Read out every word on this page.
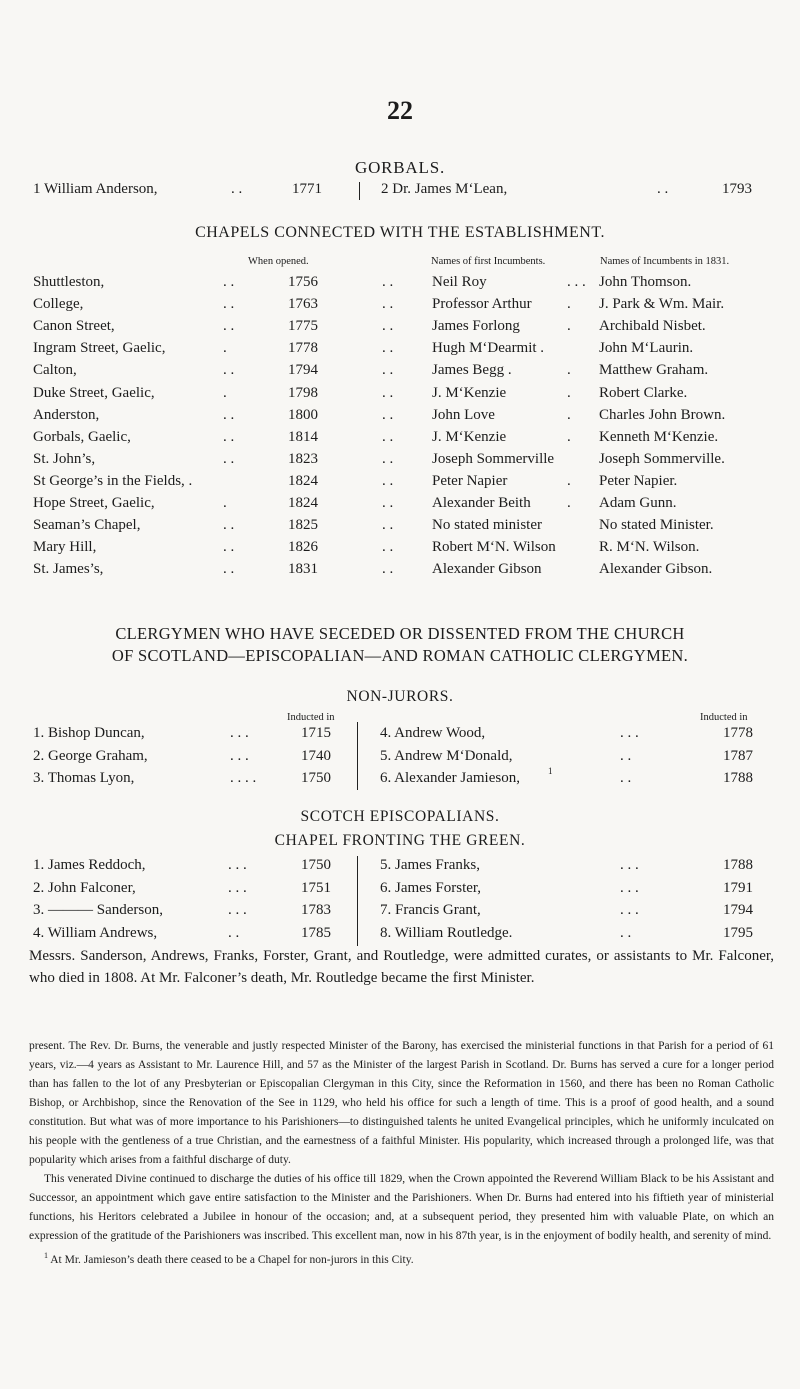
22
GORBALS.
1 William Anderson,	. .	1771	2 Dr. James M‘Lean,	. .	1793
CHAPELS CONNECTED WITH THE ESTABLISHMENT.
When opened.	Names of first Incumbents.	Names of Incumbents in 1831.
Shuttleston,	. .	1756	. .	Neil Roy	. . . John Thomson.
College,	. .	1763	. .	Professor Arthur . J. Park & Wm. Mair.
Canon Street,	. .	1775	. .	James Forlong	. Archibald Nisbet.
Ingram Street, Gaelic,	.	1778	. .	Hugh M‘Dearmit .	John M‘Laurin.
Calton,	. .	1794	. .	James Begg .	. Matthew Graham.
Duke Street, Gaelic,	.	1798	. .	J. M‘Kenzie	. Robert Clarke.
Anderston,	. .	1800	. .	John Love	. Charles John Brown.
Gorbals, Gaelic,	. .	1814	. .	J. M‘Kenzie	. Kenneth M‘Kenzie.
St. John’s,	. .	1823	. .	Joseph Sommerville	Joseph Sommerville.
St George’s in the Fields, .	1824	. .	Peter Napier	. Peter Napier.
Hope Street, Gaelic,	.	1824	. .	Alexander Beith . Adam Gunn.
Seaman’s Chapel,	. .	1825	. .	No stated minister	No stated Minister.
Mary Hill,	. .	1826	. .	Robert M‘N. Wilson	R. M‘N. Wilson.
St. James’s,	. .	1831	. .	Alexander Gibson	Alexander Gibson.
CLERGYMEN WHO HAVE SECEDED OR DISSENTED FROM THE CHURCH
OF SCOTLAND—EPISCOPALIAN—AND ROMAN CATHOLIC CLERGYMEN.
NON-JURORS.
Inducted in	Inducted in
1. Bishop Duncan,	. . .	1715
2. George Graham,	. . .	1740
3. Thomas Lyon,	. . . .	1750
4. Andrew Wood,	. . .	1778
5. Andrew M‘Donald,	. .	1787
6. Alexander Jamieson,	1	. .	1788
SCOTCH EPISCOPALIANS.
CHAPEL FRONTING THE GREEN.
1. James Reddoch,	. . .	1750
2. John Falconer,	. . .	1751
3. ——— Sanderson,	. . .	1783
4. William Andrews,	. .	1785
5. James Franks,	. . .	1788
6. James Forster,	. . .	1791
7. Francis Grant,	. . .	1794
8. William Routledge.	. .	1795
Messrs. Sanderson, Andrews, Franks, Forster, Grant, and Routledge, were admitted curates, or assistants to Mr. Falconer, who died in 1808. At Mr. Falconer’s death, Mr. Routledge became the first Minister.

present. The Rev. Dr. Burns, the venerable and justly respected Minister of the Barony, has exercised the ministerial functions in that Parish for a period of 61 years, viz.—4 years as Assistant to Mr. Laurence Hill, and 57 as the Minister of the largest Parish in Scotland. Dr. Burns has served a cure for a longer period than has fallen to the lot of any Presbyterian or Episcopalian Clergyman in this City, since the Reformation in 1560, and there has been no Roman Catholic Bishop, or Archbishop, since the Renovation of the See in 1129, who held his office for such a length of time. This is a proof of good health, and a sound constitution. But what was of more importance to his Parishioners—to distinguished talents he united Evangelical principles, which he uniformly inculcated on his people with the gentleness of a true Christian, and the earnestness of a faithful Minister. His popularity, which increased through a prolonged life, was that popularity which arises from a faithful discharge of duty.

This venerated Divine continued to discharge the duties of his office till 1829, when the Crown appointed the Reverend William Black to be his Assistant and Successor, an appointment which gave entire satisfaction to the Minister and the Parishioners. When Dr. Burns had entered into his fiftieth year of ministerial functions, his Heritors celebrated a Jubilee in honour of the occasion; and, at a subsequent period, they presented him with valuable Plate, on which an expression of the gratitude of the Parishioners was inscribed. This excellent man, now in his 87th year, is in the enjoyment of bodily health, and serenity of mind.

$^1$ At Mr. Jamieson’s death there ceased to be a Chapel for non-jurors in this City.
